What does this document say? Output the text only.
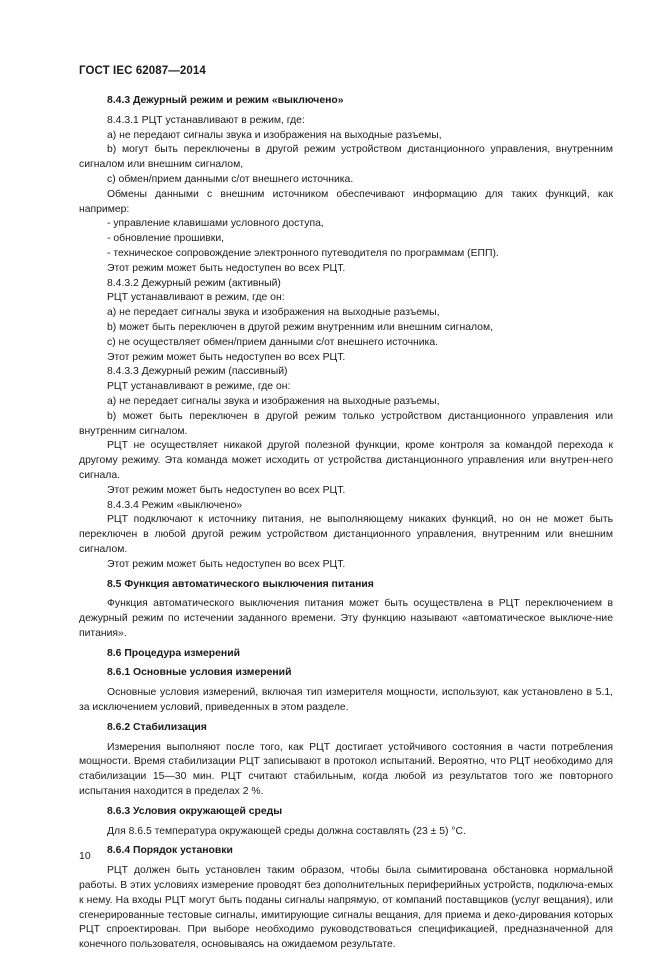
ГОСТ IEC 62087—2014

8.4.3 Дежурный режим и режим «выключено»

8.4.3.1 РЦТ устанавливают в режим, где:

a) не передают сигналы звука и изображения на выходные разъемы,

b) могут быть переключены в другой режим устройством дистанционного управления, внутренним сигналом или внешним сигналом,

c) обмен/прием данными с/от внешнего источника.

Обмены данными с внешним источником обеспечивают информацию для таких функций, как например:

- управление клавишами условного доступа,

- обновление прошивки,

- техническое сопровождение электронного путеводителя по программам (ЕПП).

Этот режим может быть недоступен во всех РЦТ.

8.4.3.2 Дежурный режим (активный)

РЦТ устанавливают в режим, где он:

a) не передает сигналы звука и изображения на выходные разъемы,

b) может быть переключен в другой режим внутренним или внешним сигналом,

c) не осуществляет обмен/прием данными с/от внешнего источника.

Этот режим может быть недоступен во всех РЦТ.

8.4.3.3 Дежурный режим (пассивный)

РЦТ устанавливают в режиме, где он:

a) не передает сигналы звука и изображения на выходные разъемы,

b) может быть переключен в другой режим только устройством дистанционного управления или внутренним сигналом.

РЦТ не осуществляет никакой другой полезной функции, кроме контроля за командой перехода к другому режиму. Эта команда может исходить от устройства дистанционного управления или внутрен-него сигнала.

Этот режим может быть недоступен во всех РЦТ.

8.4.3.4 Режим «выключено»

РЦТ подключают к источнику питания, не выполняющему никаких функций, но он не может быть переключен в любой другой режим устройством дистанционного управления, внутренним или внешним сигналом.

Этот режим может быть недоступен во всех РЦТ.

8.5 Функция автоматического выключения питания

Функция автоматического выключения питания может быть осуществлена в РЦТ переключением в дежурный режим по истечении заданного времени. Эту функцию называют «автоматическое выключе-ние питания».

8.6 Процедура измерений

8.6.1 Основные условия измерений

Основные условия измерений, включая тип измерителя мощности, используют, как установлено в 5.1, за исключением условий, приведенных в этом разделе.

8.6.2 Стабилизация

Измерения выполняют после того, как РЦТ достигает устойчивого состояния в части потребления мощности. Время стабилизации РЦТ записывают в протокол испытаний. Вероятно, что РЦТ необходимо для стабилизации 15—30 мин. РЦТ считают стабильным, когда любой из результатов того же повторного испытания находится в пределах 2 %.

8.6.3 Условия окружающей среды

Для 8.6.5 температура окружающей среды должна составлять (23 ± 5) °С.

8.6.4 Порядок установки

РЦТ должен быть установлен таким образом, чтобы была сымитирована обстановка нормальной работы. В этих условиях измерение проводят без дополнительных периферийных устройств, подключа-емых к нему. На входы РЦТ могут быть поданы сигналы напрямую, от компаний поставщиков (услуг вещания), или сгенерированные тестовые сигналы, имитирующие сигналы вещания, для приема и деко-дирования которых РЦТ спроектирован. При выборе необходимо руководствоваться спецификацией, предназначенной для конечного пользователя, основываясь на ожидаемом результате.

10
